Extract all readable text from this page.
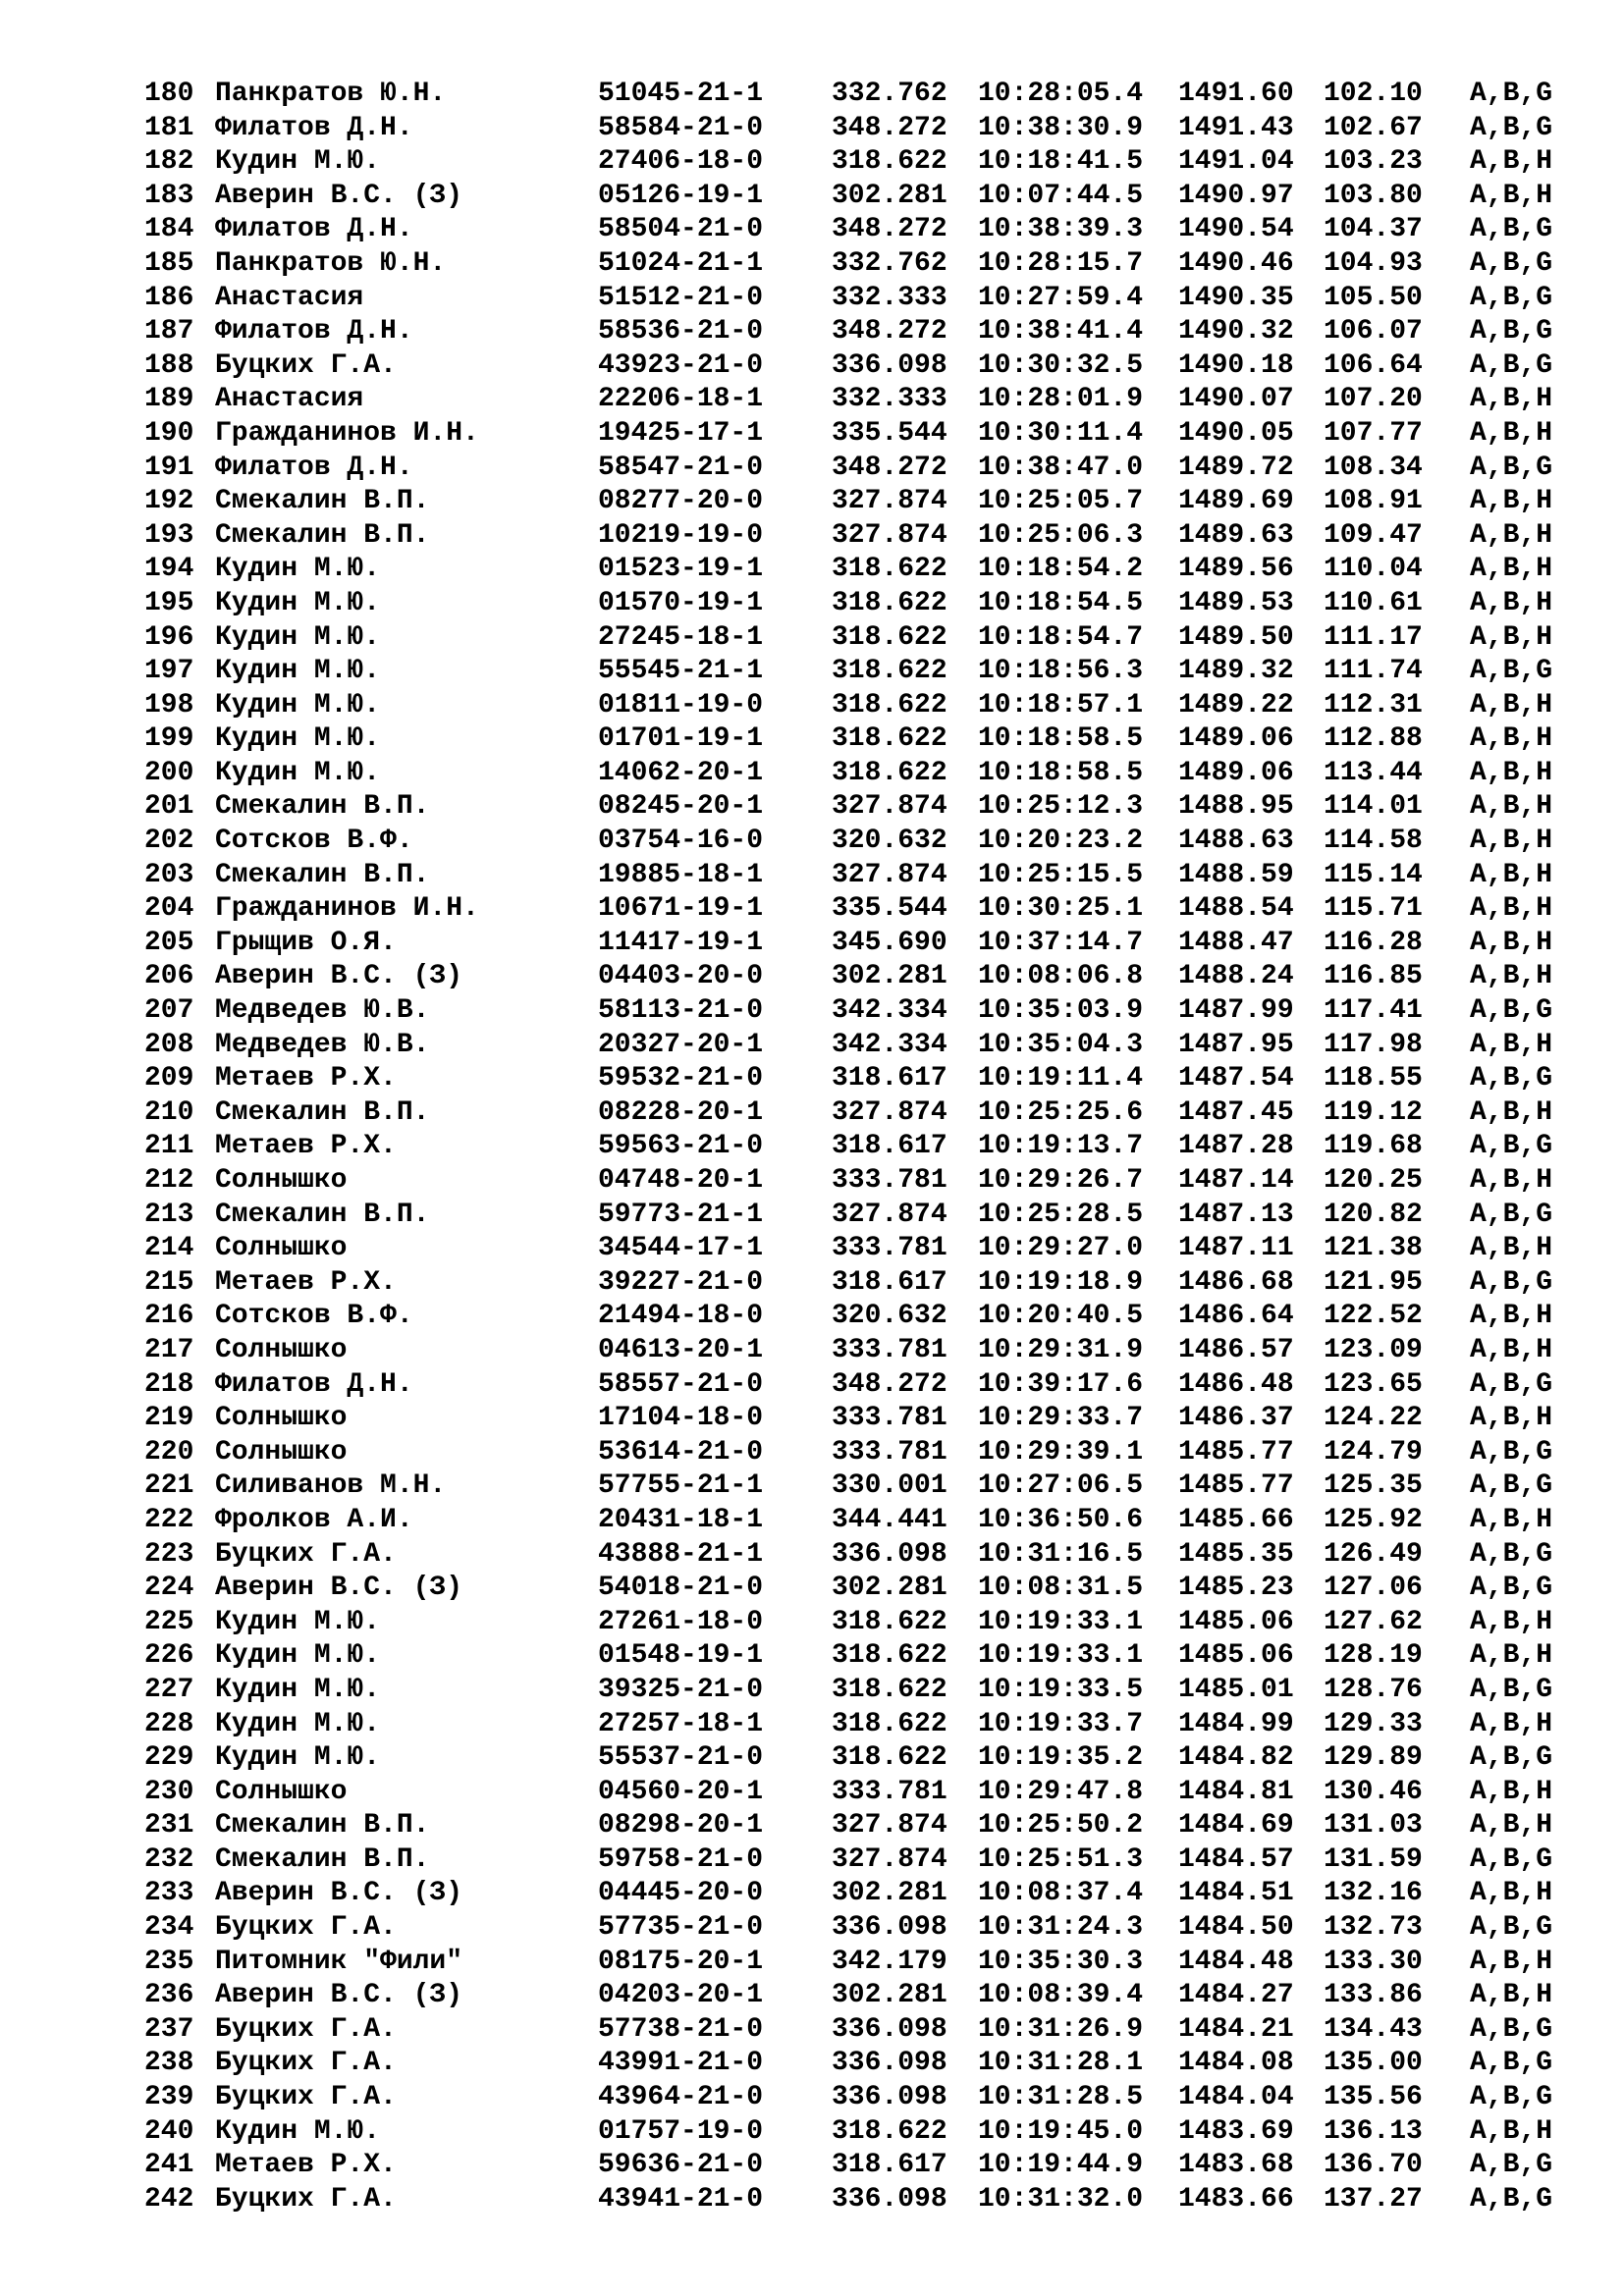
180 Панкратов Ю.Н.	51045-21-1 332.762 10:28:05.4 1491.60 102.10 A,B,G
181 Филатов Д.Н.	58584-21-0 348.272 10:38:30.9 1491.43 102.67 A,B,G
182 Кудин М.Ю.	27406-18-0 318.622 10:18:41.5 1491.04 103.23 A,B,H
183 Аверин В.С. (З)	05126-19-1 302.281 10:07:44.5 1490.97 103.80 A,B,H
184 Филатов Д.Н.	58504-21-0 348.272 10:38:39.3 1490.54 104.37 A,B,G
185 Панкратов Ю.Н.	51024-21-1 332.762 10:28:15.7 1490.46 104.93 A,B,G
186 Анастасия	51512-21-0 332.333 10:27:59.4 1490.35 105.50 A,B,G
187 Филатов Д.Н.	58536-21-0 348.272 10:38:41.4 1490.32 106.07 A,B,G
188 Буцких Г.А.	43923-21-0 336.098 10:30:32.5 1490.18 106.64 A,B,G
189 Анастасия	22206-18-1 332.333 10:28:01.9 1490.07 107.20 A,B,H
190 Гражданинов И.Н.	19425-17-1 335.544 10:30:11.4 1490.05 107.77 A,B,H
191 Филатов Д.Н.	58547-21-0 348.272 10:38:47.0 1489.72 108.34 A,B,G
192 Смекалин В.П.	08277-20-0 327.874 10:25:05.7 1489.69 108.91 A,B,H
193 Смекалин В.П.	10219-19-0 327.874 10:25:06.3 1489.63 109.47 A,B,H
194 Кудин М.Ю.	01523-19-1 318.622 10:18:54.2 1489.56 110.04 A,B,H
195 Кудин М.Ю.	01570-19-1 318.622 10:18:54.5 1489.53 110.61 A,B,H
196 Кудин М.Ю.	27245-18-1 318.622 10:18:54.7 1489.50 111.17 A,B,H
197 Кудин М.Ю.	55545-21-1 318.622 10:18:56.3 1489.32 111.74 A,B,G
198 Кудин М.Ю.	01811-19-0 318.622 10:18:57.1 1489.22 112.31 A,B,H
199 Кудин М.Ю.	01701-19-1 318.622 10:18:58.5 1489.06 112.88 A,B,H
200 Кудин М.Ю.	14062-20-1 318.622 10:18:58.5 1489.06 113.44 A,B,H
201 Смекалин В.П.	08245-20-1 327.874 10:25:12.3 1488.95 114.01 A,B,H
202 Сотсков В.Ф.	03754-16-0 320.632 10:20:23.2 1488.63 114.58 A,B,H
203 Смекалин В.П.	19885-18-1 327.874 10:25:15.5 1488.59 115.14 A,B,H
204 Гражданинов И.Н.	10671-19-1 335.544 10:30:25.1 1488.54 115.71 A,B,H
205 Грыщив О.Я.	11417-19-1 345.690 10:37:14.7 1488.47 116.28 A,B,H
206 Аверин В.С. (З)	04403-20-0 302.281 10:08:06.8 1488.24 116.85 A,B,H
207 Медведев Ю.В.	58113-21-0 342.334 10:35:03.9 1487.99 117.41 A,B,G
208 Медведев Ю.В.	20327-20-1 342.334 10:35:04.3 1487.95 117.98 A,B,H
209 Метаев Р.Х.	59532-21-0 318.617 10:19:11.4 1487.54 118.55 A,B,G
210 Смекалин В.П.	08228-20-1 327.874 10:25:25.6 1487.45 119.12 A,B,H
211 Метаев Р.Х.	59563-21-0 318.617 10:19:13.7 1487.28 119.68 A,B,G
212 Солнышко	04748-20-1 333.781 10:29:26.7 1487.14 120.25 A,B,H
213 Смекалин В.П.	59773-21-1 327.874 10:25:28.5 1487.13 120.82 A,B,G
214 Солнышко	34544-17-1 333.781 10:29:27.0 1487.11 121.38 A,B,H
215 Метаев Р.Х.	39227-21-0 318.617 10:19:18.9 1486.68 121.95 A,B,G
216 Сотсков В.Ф.	21494-18-0 320.632 10:20:40.5 1486.64 122.52 A,B,H
217 Солнышко	04613-20-1 333.781 10:29:31.9 1486.57 123.09 A,B,H
218 Филатов Д.Н.	58557-21-0 348.272 10:39:17.6 1486.48 123.65 A,B,G
219 Солнышко	17104-18-0 333.781 10:29:33.7 1486.37 124.22 A,B,H
220 Солнышко	53614-21-0 333.781 10:29:39.1 1485.77 124.79 A,B,G
221 Силиванов М.Н.	57755-21-1 330.001 10:27:06.5 1485.77 125.35 A,B,G
222 Фролков А.И.	20431-18-1 344.441 10:36:50.6 1485.66 125.92 A,B,H
223 Буцких Г.А.	43888-21-1 336.098 10:31:16.5 1485.35 126.49 A,B,G
224 Аверин В.С. (З)	54018-21-0 302.281 10:08:31.5 1485.23 127.06 A,B,G
225 Кудин М.Ю.	27261-18-0 318.622 10:19:33.1 1485.06 127.62 A,B,H
226 Кудин М.Ю.	01548-19-1 318.622 10:19:33.1 1485.06 128.19 A,B,H
227 Кудин М.Ю.	39325-21-0 318.622 10:19:33.5 1485.01 128.76 A,B,G
228 Кудин М.Ю.	27257-18-1 318.622 10:19:33.7 1484.99 129.33 A,B,H
229 Кудин М.Ю.	55537-21-0 318.622 10:19:35.2 1484.82 129.89 A,B,G
230 Солнышко	04560-20-1 333.781 10:29:47.8 1484.81 130.46 A,B,H
231 Смекалин В.П.	08298-20-1 327.874 10:25:50.2 1484.69 131.03 A,B,H
232 Смекалин В.П.	59758-21-0 327.874 10:25:51.3 1484.57 131.59 A,B,G
233 Аверин В.С. (З)	04445-20-0 302.281 10:08:37.4 1484.51 132.16 A,B,H
234 Буцких Г.А.	57735-21-0 336.098 10:31:24.3 1484.50 132.73 A,B,G
235 Питомник "Фили"	08175-20-1 342.179 10:35:30.3 1484.48 133.30 A,B,H
236 Аверин В.С. (З)	04203-20-1 302.281 10:08:39.4 1484.27 133.86 A,B,H
237 Буцких Г.А.	57738-21-0 336.098 10:31:26.9 1484.21 134.43 A,B,G
238 Буцких Г.А.	43991-21-0 336.098 10:31:28.1 1484.08 135.00 A,B,G
239 Буцких Г.А.	43964-21-0 336.098 10:31:28.5 1484.04 135.56 A,B,G
240 Кудин М.Ю.	01757-19-0 318.622 10:19:45.0 1483.69 136.13 A,B,H
241 Метаев Р.Х.	59636-21-0 318.617 10:19:44.9 1483.68 136.70 A,B,G
242 Буцких Г.А.	43941-21-0 336.098 10:31:32.0 1483.66 137.27 A,B,G
